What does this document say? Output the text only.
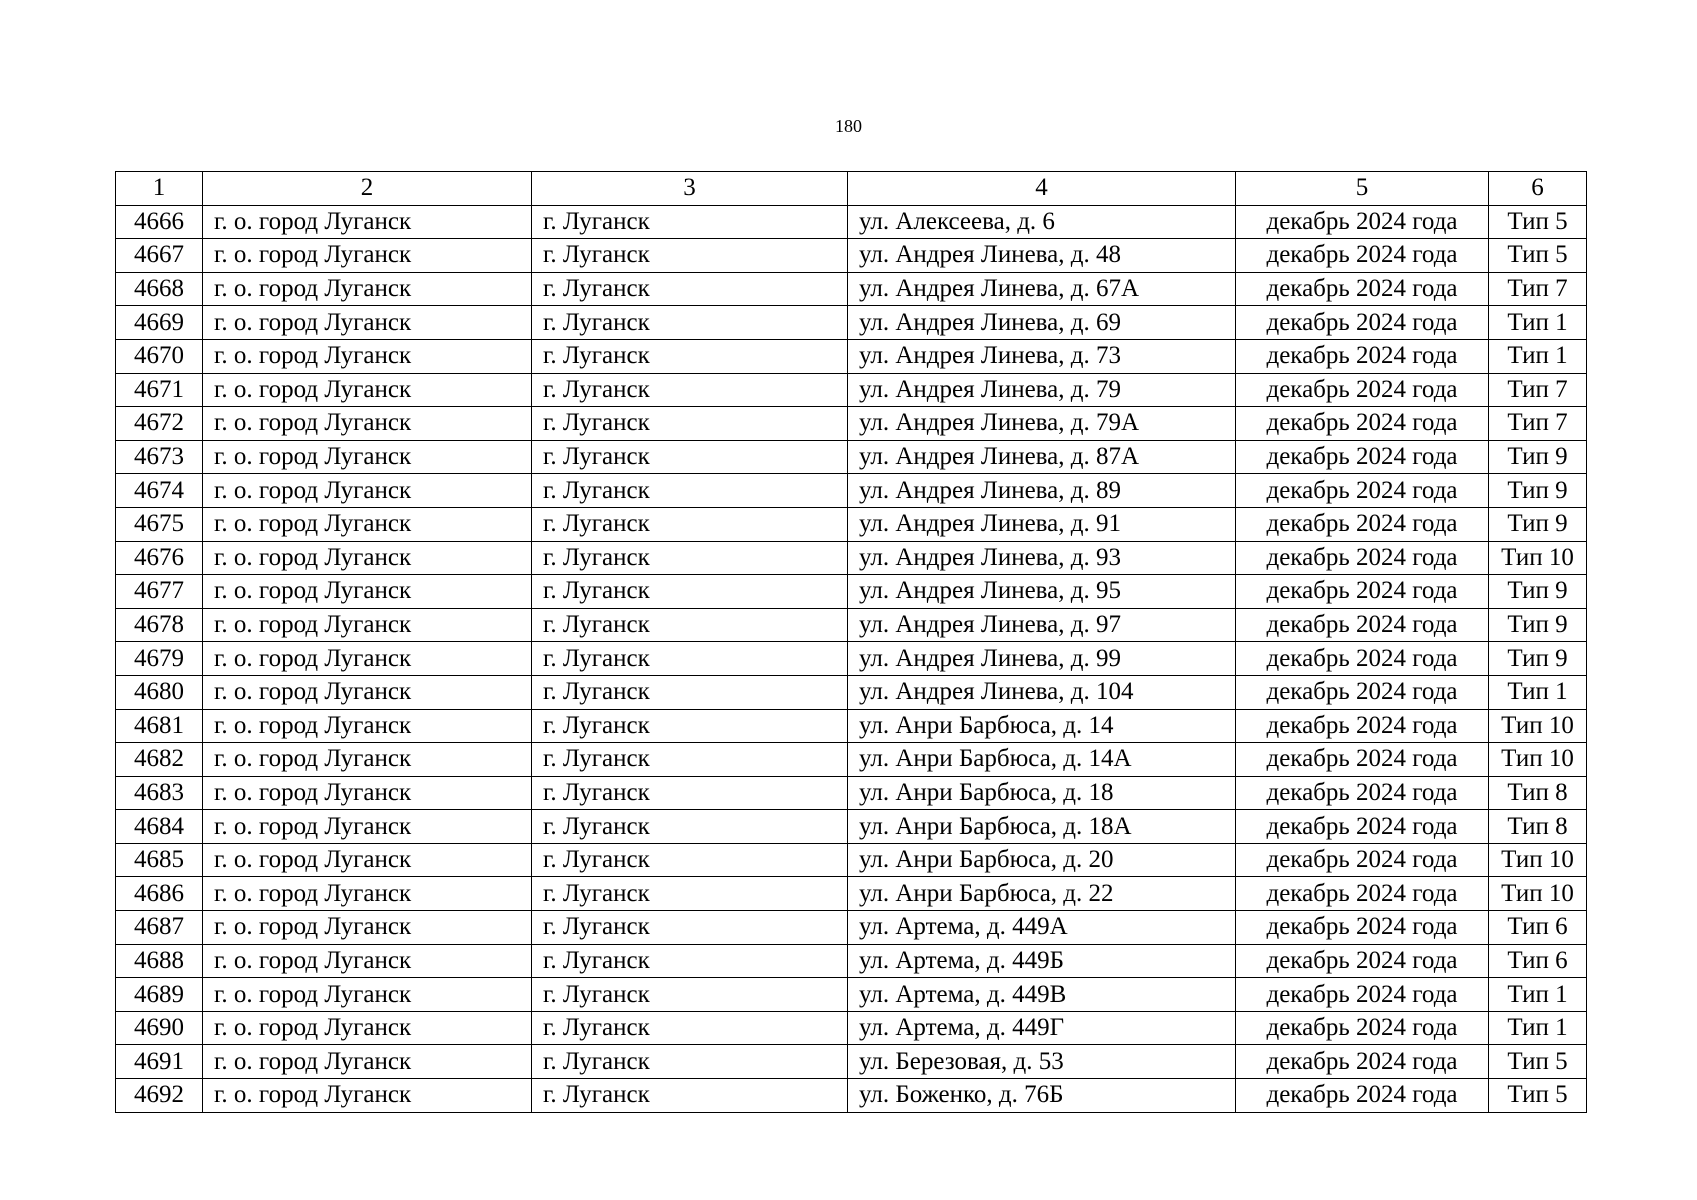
180
1	2	3	4	5	6
4666	г. о. город Луганск	г. Луганск	ул. Алексеева, д. 6	декабрь 2024 года	Тип 5
4667	г. о. город Луганск	г. Луганск	ул. Андрея Линева, д. 48	декабрь 2024 года	Тип 5
4668	г. о. город Луганск	г. Луганск	ул. Андрея Линева, д. 67А	декабрь 2024 года	Тип 7
4669	г. о. город Луганск	г. Луганск	ул. Андрея Линева, д. 69	декабрь 2024 года	Тип 1
4670	г. о. город Луганск	г. Луганск	ул. Андрея Линева, д. 73	декабрь 2024 года	Тип 1
4671	г. о. город Луганск	г. Луганск	ул. Андрея Линева, д. 79	декабрь 2024 года	Тип 7
4672	г. о. город Луганск	г. Луганск	ул. Андрея Линева, д. 79А	декабрь 2024 года	Тип 7
4673	г. о. город Луганск	г. Луганск	ул. Андрея Линева, д. 87А	декабрь 2024 года	Тип 9
4674	г. о. город Луганск	г. Луганск	ул. Андрея Линева, д. 89	декабрь 2024 года	Тип 9
4675	г. о. город Луганск	г. Луганск	ул. Андрея Линева, д. 91	декабрь 2024 года	Тип 9
4676	г. о. город Луганск	г. Луганск	ул. Андрея Линева, д. 93	декабрь 2024 года	Тип 10
4677	г. о. город Луганск	г. Луганск	ул. Андрея Линева, д. 95	декабрь 2024 года	Тип 9
4678	г. о. город Луганск	г. Луганск	ул. Андрея Линева, д. 97	декабрь 2024 года	Тип 9
4679	г. о. город Луганск	г. Луганск	ул. Андрея Линева, д. 99	декабрь 2024 года	Тип 9
4680	г. о. город Луганск	г. Луганск	ул. Андрея Линева, д. 104	декабрь 2024 года	Тип 1
4681	г. о. город Луганск	г. Луганск	ул. Анри Барбюса, д. 14	декабрь 2024 года	Тип 10
4682	г. о. город Луганск	г. Луганск	ул. Анри Барбюса, д. 14А	декабрь 2024 года	Тип 10
4683	г. о. город Луганск	г. Луганск	ул. Анри Барбюса, д. 18	декабрь 2024 года	Тип 8
4684	г. о. город Луганск	г. Луганск	ул. Анри Барбюса, д. 18А	декабрь 2024 года	Тип 8
4685	г. о. город Луганск	г. Луганск	ул. Анри Барбюса, д. 20	декабрь 2024 года	Тип 10
4686	г. о. город Луганск	г. Луганск	ул. Анри Барбюса, д. 22	декабрь 2024 года	Тип 10
4687	г. о. город Луганск	г. Луганск	ул. Артема, д. 449А	декабрь 2024 года	Тип 6
4688	г. о. город Луганск	г. Луганск	ул. Артема, д. 449Б	декабрь 2024 года	Тип 6
4689	г. о. город Луганск	г. Луганск	ул. Артема, д. 449В	декабрь 2024 года	Тип 1
4690	г. о. город Луганск	г. Луганск	ул. Артема, д. 449Г	декабрь 2024 года	Тип 1
4691	г. о. город Луганск	г. Луганск	ул. Березовая, д. 53	декабрь 2024 года	Тип 5
4692	г. о. город Луганск	г. Луганск	ул. Боженко, д. 76Б	декабрь 2024 года	Тип 5
